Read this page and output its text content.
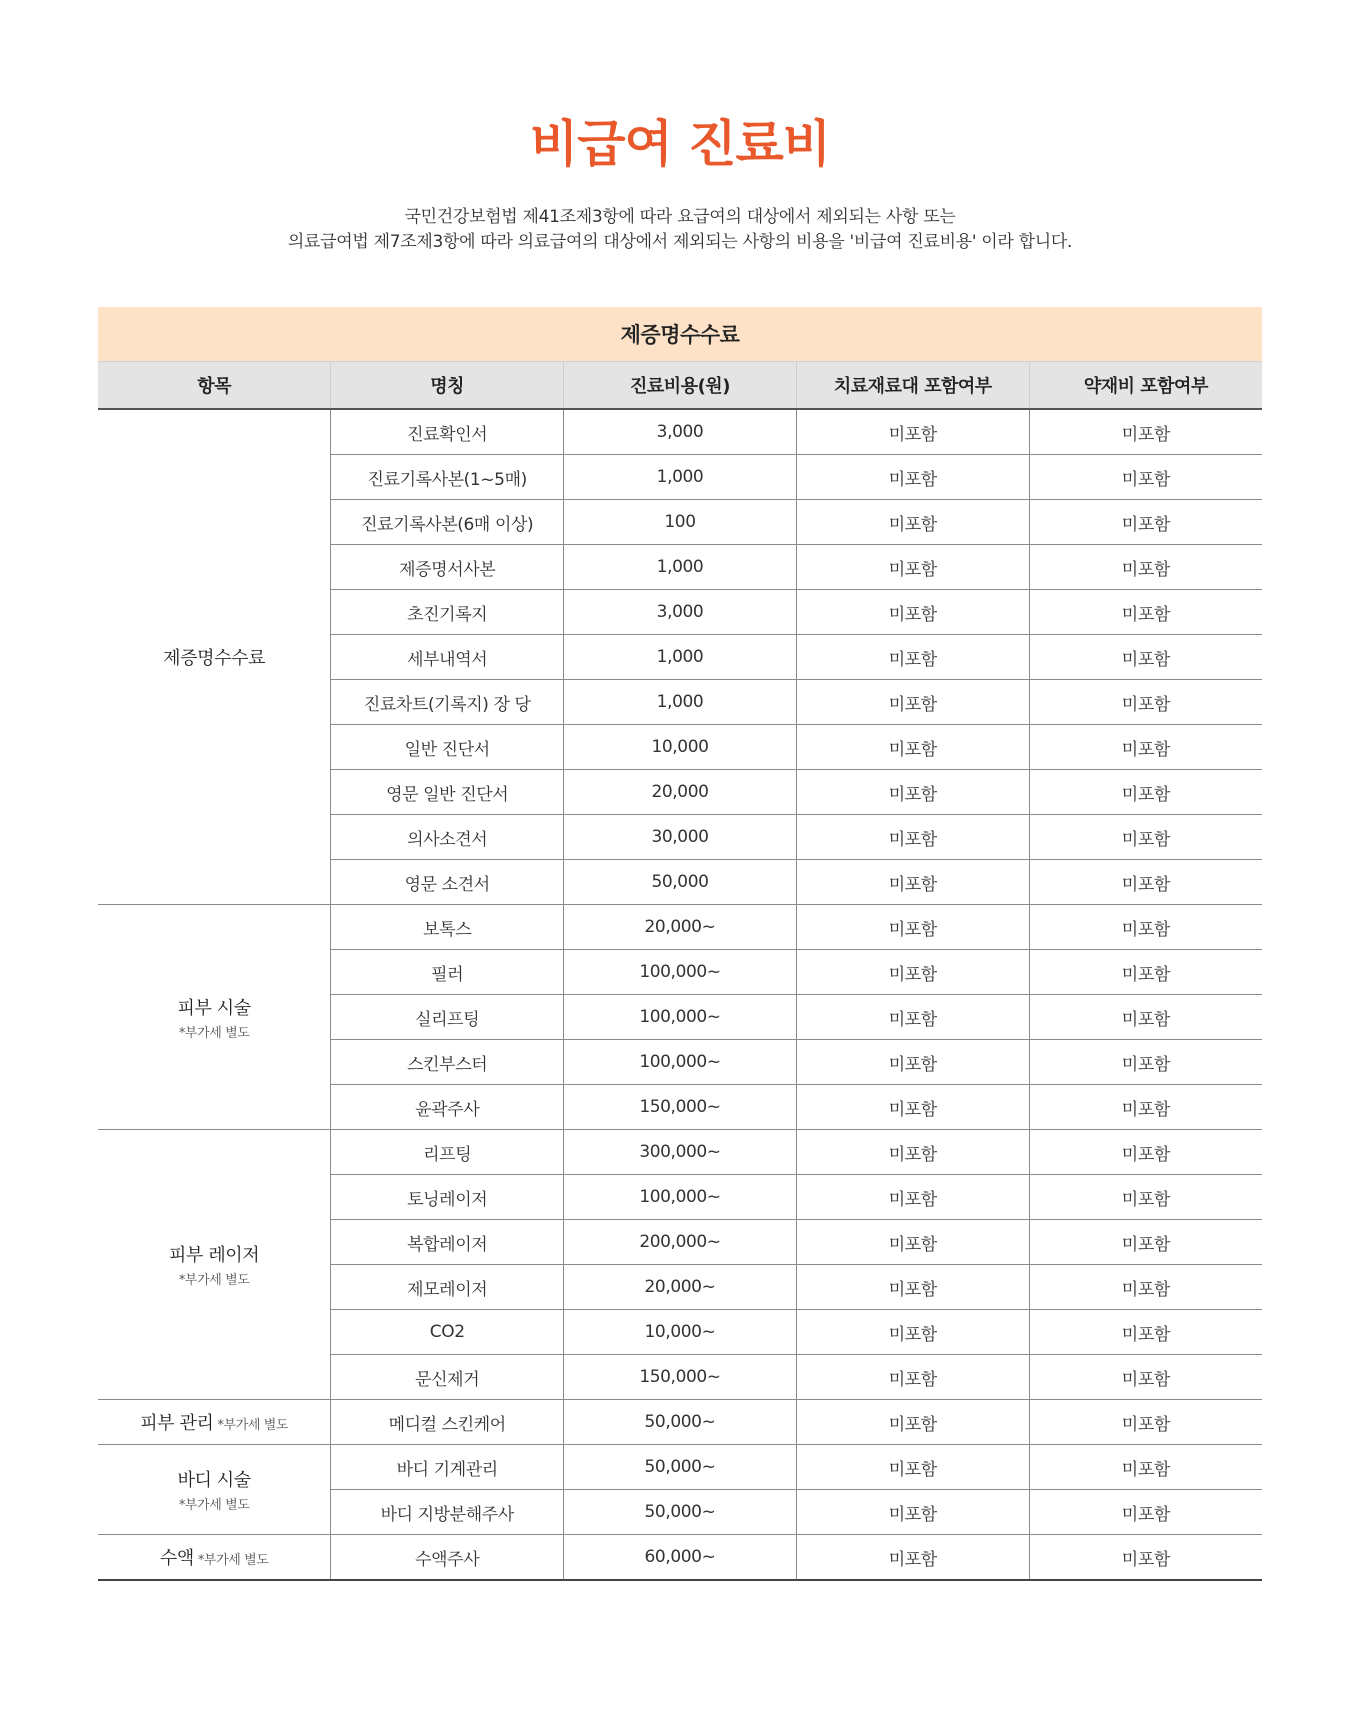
비급여 진료비
국민건강보험법 제41조제3항에 따라 요급여의 대상에서 제외되는 사항 또는
의료급여법 제7조제3항에 따라 의료급여의 대상에서 제외되는 사항의 비용을 '비급여 진료비용' 이라 합니다.
제증명수수료				
항목	명칭	진료비용(원)	치료재료대 포함여부	약재비 포함여부
제증명수수료	진료확인서	3,000	미포함	미포함
	진료기록사본(1~5매)	1,000	미포함	미포함
	진료기록사본(6매 이상)	100	미포함	미포함
	제증명서사본	1,000	미포함	미포함
	초진기록지	3,000	미포함	미포함
	세부내역서	1,000	미포함	미포함
	진료차트(기록지) 장 당	1,000	미포함	미포함
	일반 진단서	10,000	미포함	미포함
	영문 일반 진단서	20,000	미포함	미포함
	의사소견서	30,000	미포함	미포함
	영문 소견서	50,000	미포함	미포함
피부 시술
*부가세 별도	보톡스	20,000~	미포함	미포함
	필러	100,000~	미포함	미포함
	실리프팅	100,000~	미포함	미포함
	스킨부스터	100,000~	미포함	미포함
	윤곽주사	150,000~	미포함	미포함
피부 레이저
*부가세 별도	리프팅	300,000~	미포함	미포함
	토닝레이저	100,000~	미포함	미포함
	복합레이저	200,000~	미포함	미포함
	제모레이저	20,000~	미포함	미포함
	CO2	10,000~	미포함	미포함
	문신제거	150,000~	미포함	미포함
피부 관리 *부가세 별도	메디컬 스킨케어	50,000~	미포함	미포함
바디 시술
*부가세 별도	바디 기계관리	50,000~	미포함	미포함
	바디 지방분해주사	50,000~	미포함	미포함
수액 *부가세 별도	수액주사	60,000~	미포함	미포함
